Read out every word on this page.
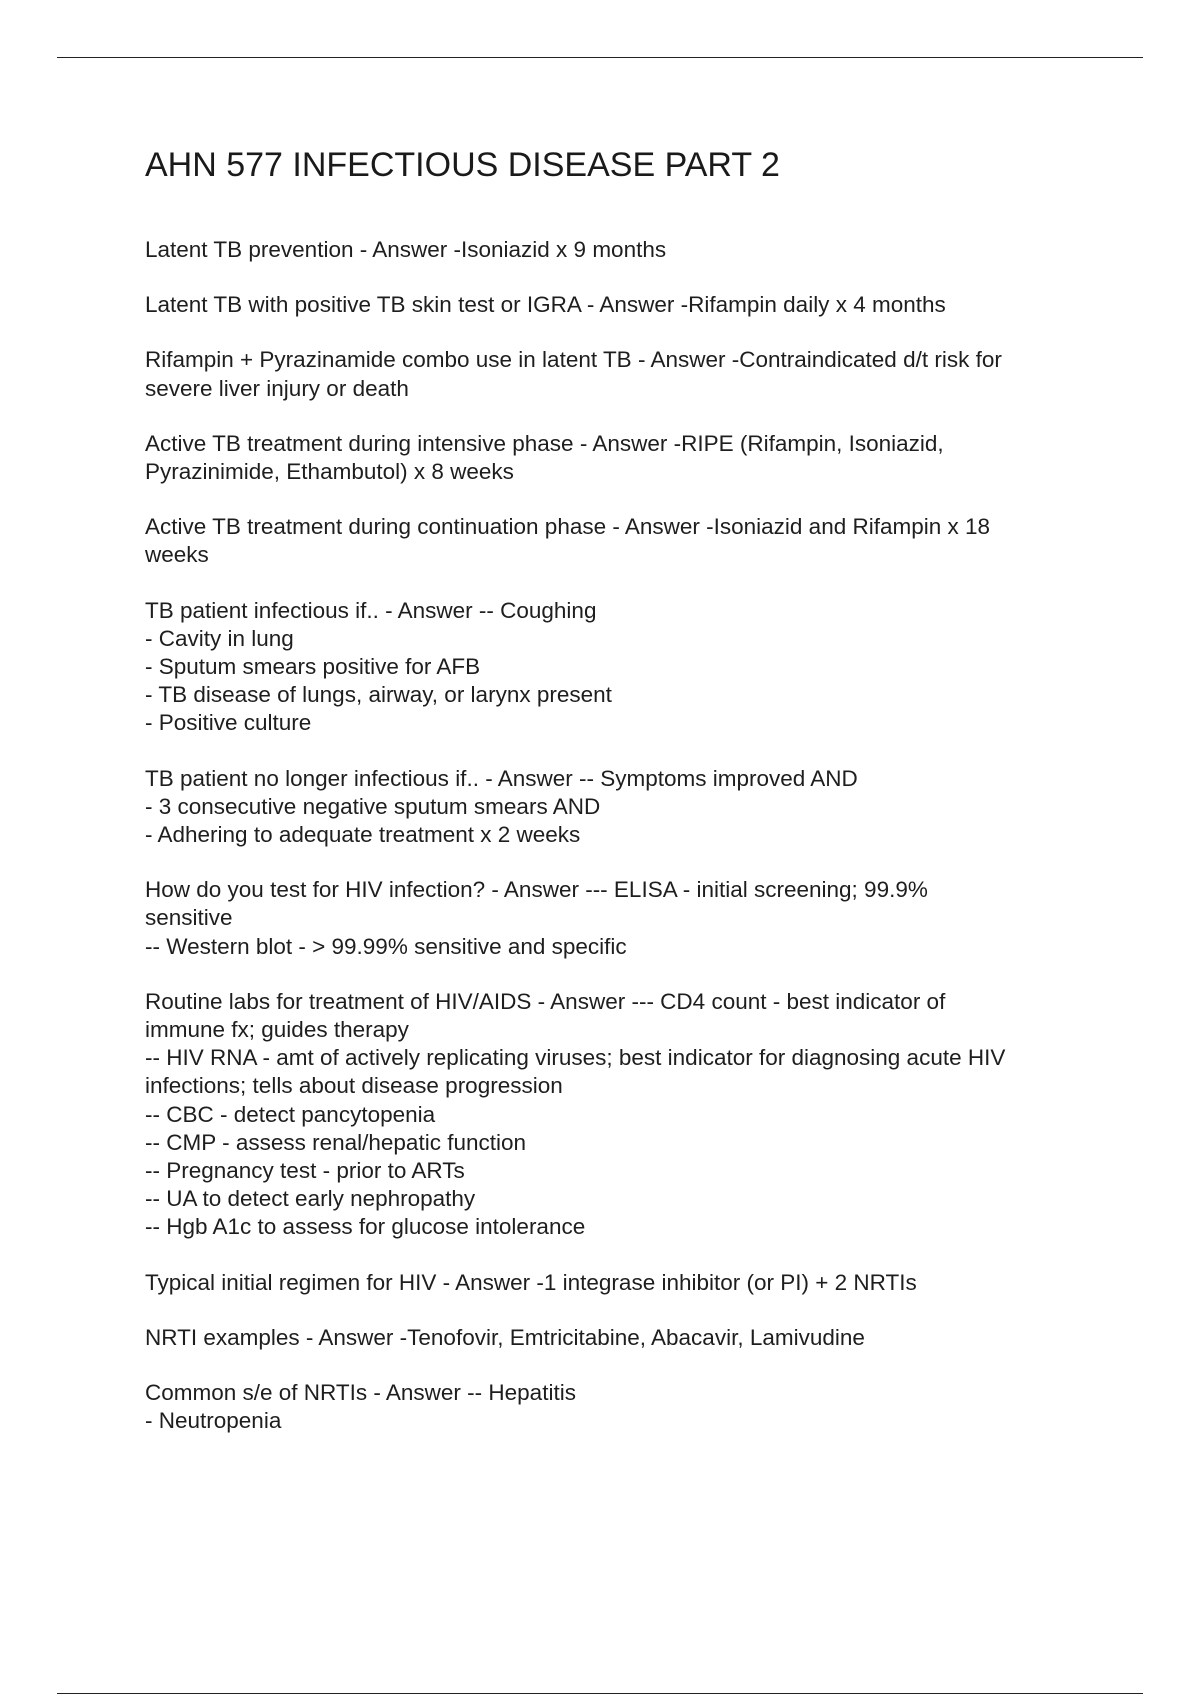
AHN 577 INFECTIOUS DISEASE PART 2
Latent TB prevention - Answer -Isoniazid x 9 months
Latent TB with positive TB skin test or IGRA - Answer -Rifampin daily x 4 months
Rifampin + Pyrazinamide combo use in latent TB - Answer -Contraindicated d/t risk for
severe liver injury or death
Active TB treatment during intensive phase - Answer -RIPE (Rifampin, Isoniazid,
Pyrazinimide, Ethambutol) x 8 weeks
Active TB treatment during continuation phase - Answer -Isoniazid and Rifampin x 18
weeks
TB patient infectious if.. - Answer -- Coughing
- Cavity in lung
- Sputum smears positive for AFB
- TB disease of lungs, airway, or larynx present
- Positive culture
TB patient no longer infectious if.. - Answer -- Symptoms improved AND
- 3 consecutive negative sputum smears AND
- Adhering to adequate treatment x 2 weeks
How do you test for HIV infection? - Answer --- ELISA - initial screening; 99.9%
sensitive
-- Western blot - > 99.99% sensitive and specific
Routine labs for treatment of HIV/AIDS - Answer --- CD4 count - best indicator of
immune fx; guides therapy
-- HIV RNA - amt of actively replicating viruses; best indicator for diagnosing acute HIV
infections; tells about disease progression
-- CBC - detect pancytopenia
-- CMP - assess renal/hepatic function
-- Pregnancy test - prior to ARTs
-- UA to detect early nephropathy
-- Hgb A1c to assess for glucose intolerance
Typical initial regimen for HIV - Answer -1 integrase inhibitor (or PI) + 2 NRTIs
NRTI examples - Answer -Tenofovir, Emtricitabine, Abacavir, Lamivudine
Common s/e of NRTIs - Answer -- Hepatitis
- Neutropenia
